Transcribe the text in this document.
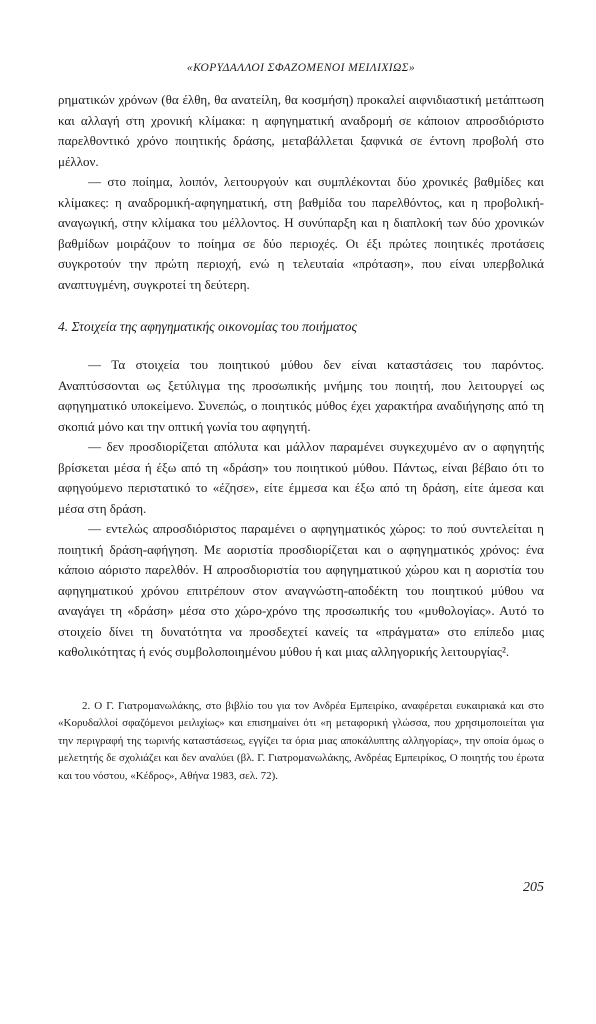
«ΚΟΡΥΔΑΛΛΟΙ ΣΦΑΖΟΜΕΝΟΙ ΜΕΙΛΙΧΙΩΣ»

ρηματικών χρόνων (θα έλθη, θα ανατείλη, θα κοσμήση) προκαλεί αιφνιδιαστική μετάπτωση και αλλαγή στη χρονική κλίμακα: η αφηγηματική αναδρομή σε κάποιον απροσδιόριστο παρελθοντικό χρόνο ποιητικής δράσης, μεταβάλλεται ξαφνικά σε έντονη προβολή στο μέλλον.

— στο ποίημα, λοιπόν, λειτουργούν και συμπλέκονται δύο χρονικές βαθμίδες και κλίμακες: η αναδρομική-αφηγηματική, στη βαθμίδα του παρελθόντος, και η προβολική-αναγωγική, στην κλίμακα του μέλλοντος. Η συνύπαρξη και η διαπλοκή των δύο χρονικών βαθμίδων μοιράζουν το ποίημα σε δύο περιοχές. Οι έξι πρώτες ποιητικές προτάσεις συγκροτούν την πρώτη περιοχή, ενώ η τελευταία «πρόταση», που είναι υπερβολικά αναπτυγμένη, συγκροτεί τη δεύτερη.

4. Στοιχεία της αφηγηματικής οικονομίας του ποιήματος

— Τα στοιχεία του ποιητικού μύθου δεν είναι καταστάσεις του παρόντος. Αναπτύσσονται ως ξετύλιγμα της προσωπικής μνήμης του ποιητή, που λειτουργεί ως αφηγηματικό υποκείμενο. Συνεπώς, ο ποιητικός μύθος έχει χαρακτήρα αναδιήγησης από τη σκοπιά μόνο και την οπτική γωνία του αφηγητή.

— δεν προσδιορίζεται απόλυτα και μάλλον παραμένει συγκεχυμένο αν ο αφηγητής βρίσκεται μέσα ή έξω από τη «δράση» του ποιητικού μύθου. Πάντως, είναι βέβαιο ότι το αφηγούμενο περιστατικό το «έζησε», είτε έμμεσα και έξω από τη δράση, είτε άμεσα και μέσα στη δράση.

— εντελώς απροσδιόριστος παραμένει ο αφηγηματικός χώρος: το πού συντελείται η ποιητική δράση-αφήγηση. Με αοριστία προσδιορίζεται και ο αφηγηματικός χρόνος: ένα κάποιο αόριστο παρελθόν. Η απροσδιοριστία του αφηγηματικού χώρου και η αοριστία του αφηγηματικού χρόνου επιτρέπουν στον αναγνώστη-αποδέκτη του ποιητικού μύθου να αναγάγει τη «δράση» μέσα στο χώρο-χρόνο της προσωπικής του «μυθολογίας». Αυτό το στοιχείο δίνει τη δυνατότητα να προσδεχτεί κανείς τα «πράγματα» στο επίπεδο μιας καθολικότητας ή ενός συμβολοποιημένου μύθου ή και μιας αλληγορικής λειτουργίας².

2. Ο Γ. Γιατρομανωλάκης, στο βιβλίο του για τον Ανδρέα Εμπειρίκο, αναφέρεται ευκαιριακά και στο «Κορυδαλλοί σφαζόμενοι μειλιχίως» και επισημαίνει ότι «η μεταφορική γλώσσα, που χρησιμοποιείται για την περιγραφή της τωρινής καταστάσεως, εγγίζει τα όρια μιας αποκάλυπτης αλληγορίας», την οποία όμως ο μελετητής δε σχολιάζει και δεν αναλύει (βλ. Γ. Γιατρομανωλάκης, Ανδρέας Εμπειρίκος, Ο ποιητής του έρωτα και του νόστου, «Κέδρος», Αθήνα 1983, σελ. 72).

205
